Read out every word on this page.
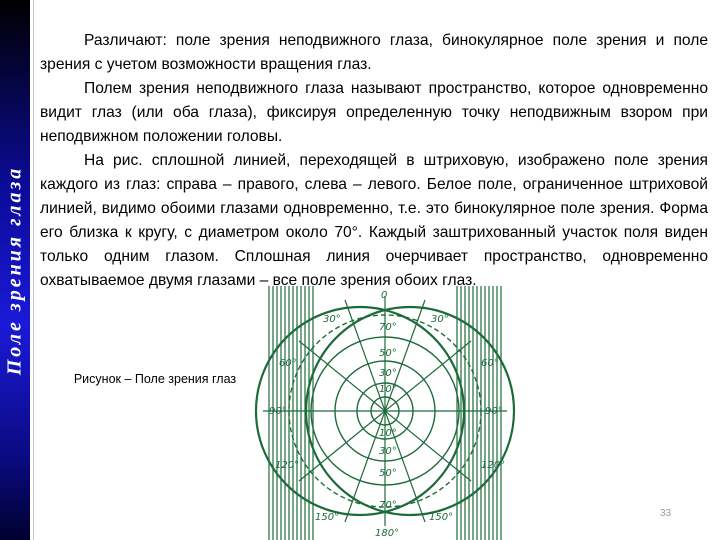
Поле зрения глаза

Различают: поле зрения неподвижного глаза, бинокулярное поле зрения и поле зрения с учетом возможности вращения глаз.

Полем зрения неподвижного глаза называют пространство, которое одновременно видит глаз (или оба глаза), фиксируя определенную точку неподвижным взором при неподвижном положении головы.

На рис. сплошной линией, переходящей в штриховую, изображено поле зрения каждого из глаз: справа – правого, слева – левого. Белое поле, ограниченное штриховой линией, видимо обоими глазами одновременно, т.е. это бинокулярное поле зрения. Форма его близка к кругу, с диаметром около 70°. Каждый заштрихованный участок поля виден только одним глазом. Сплошная линия очерчивает пространство, одновременно охватываемое двумя глазами – все поле зрения обоих глаз.

Рисунок – Поле зрения глаз
0
70°
50°
30°
10°
10°
30°
50°
70°
180°
30°	30°
60°	60°
90°	90°
120°	120°
150°	150°	33
